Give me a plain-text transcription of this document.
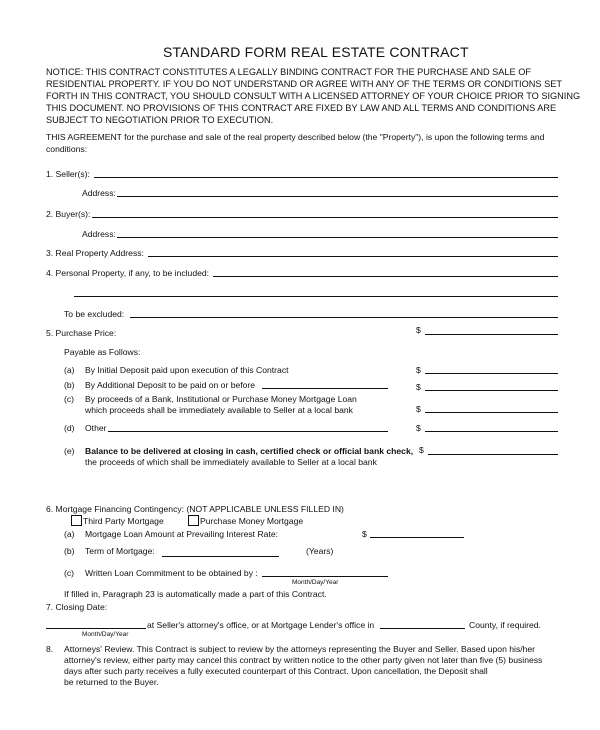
STANDARD FORM REAL ESTATE CONTRACT
NOTICE: THIS CONTRACT CONSTITUTES A LEGALLY BINDING CONTRACT FOR THE PURCHASE AND SALE OF
RESIDENTIAL PROPERTY. IF YOU DO NOT UNDERSTAND OR AGREE WITH ANY OF THE TERMS OR CONDITIONS SET
FORTH IN THIS CONTRACT, YOU SHOULD CONSULT WITH A LICENSED ATTORNEY OF YOUR CHOICE PRIOR TO SIGNING
THIS DOCUMENT. NO PROVISIONS OF THIS CONTRACT ARE FIXED BY LAW AND ALL TERMS AND CONDITIONS ARE
SUBJECT TO NEGOTIATION PRIOR TO EXECUTION.
THIS AGREEMENT for the purchase and sale of the real property described below (the "Property"), is upon the following terms and
conditions:
1. Seller(s):
Address:
2. Buyer(s):
Address:
3. Real Property Address:
4. Personal Property, if any, to be included:
To be excluded:
5. Purchase Price:	$
Payable as Follows:
(a) By Initial Deposit paid upon execution of this Contract	$
(b) By Additional Deposit to be paid on or before	$
(c) By proceeds of a Bank, Institutional or Purchase Money Mortgage Loan
which proceeds shall be immediately available to Seller at a local bank	$
(d) Other	$
(e) Balance to be delivered at closing in cash, certified check or official bank check,
the proceeds of which shall be immediately available to Seller at a local bank
$
6. Mortgage Financing Contingency: (NOT APPLICABLE UNLESS FILLED IN)
Third Party Mortgage	Purchase Money Mortgage
(a) Mortgage Loan Amount at Prevailing Interest Rate:	$
(b) Term of Mortgage:	(Years)
(c) Written Loan Commitment to be obtained by :
Month/Day/Year
If filled in, Paragraph 23 is automatically made a part of this Contract.
7. Closing Date:
Month/Day/Year
at Seller's attorney's office, or at Mortgage Lender's office in	County, if required.
8. Attorneys' Review. This Contract is subject to review by the attorneys representing the Buyer and Seller. Based upon his/her
attorney's review, either party may cancel this contract by written notice to the other party given not later than five (5) business
days after such party receives a fully executed counterpart of this Contract. Upon cancellation, the Deposit shall
be returned to the Buyer.
